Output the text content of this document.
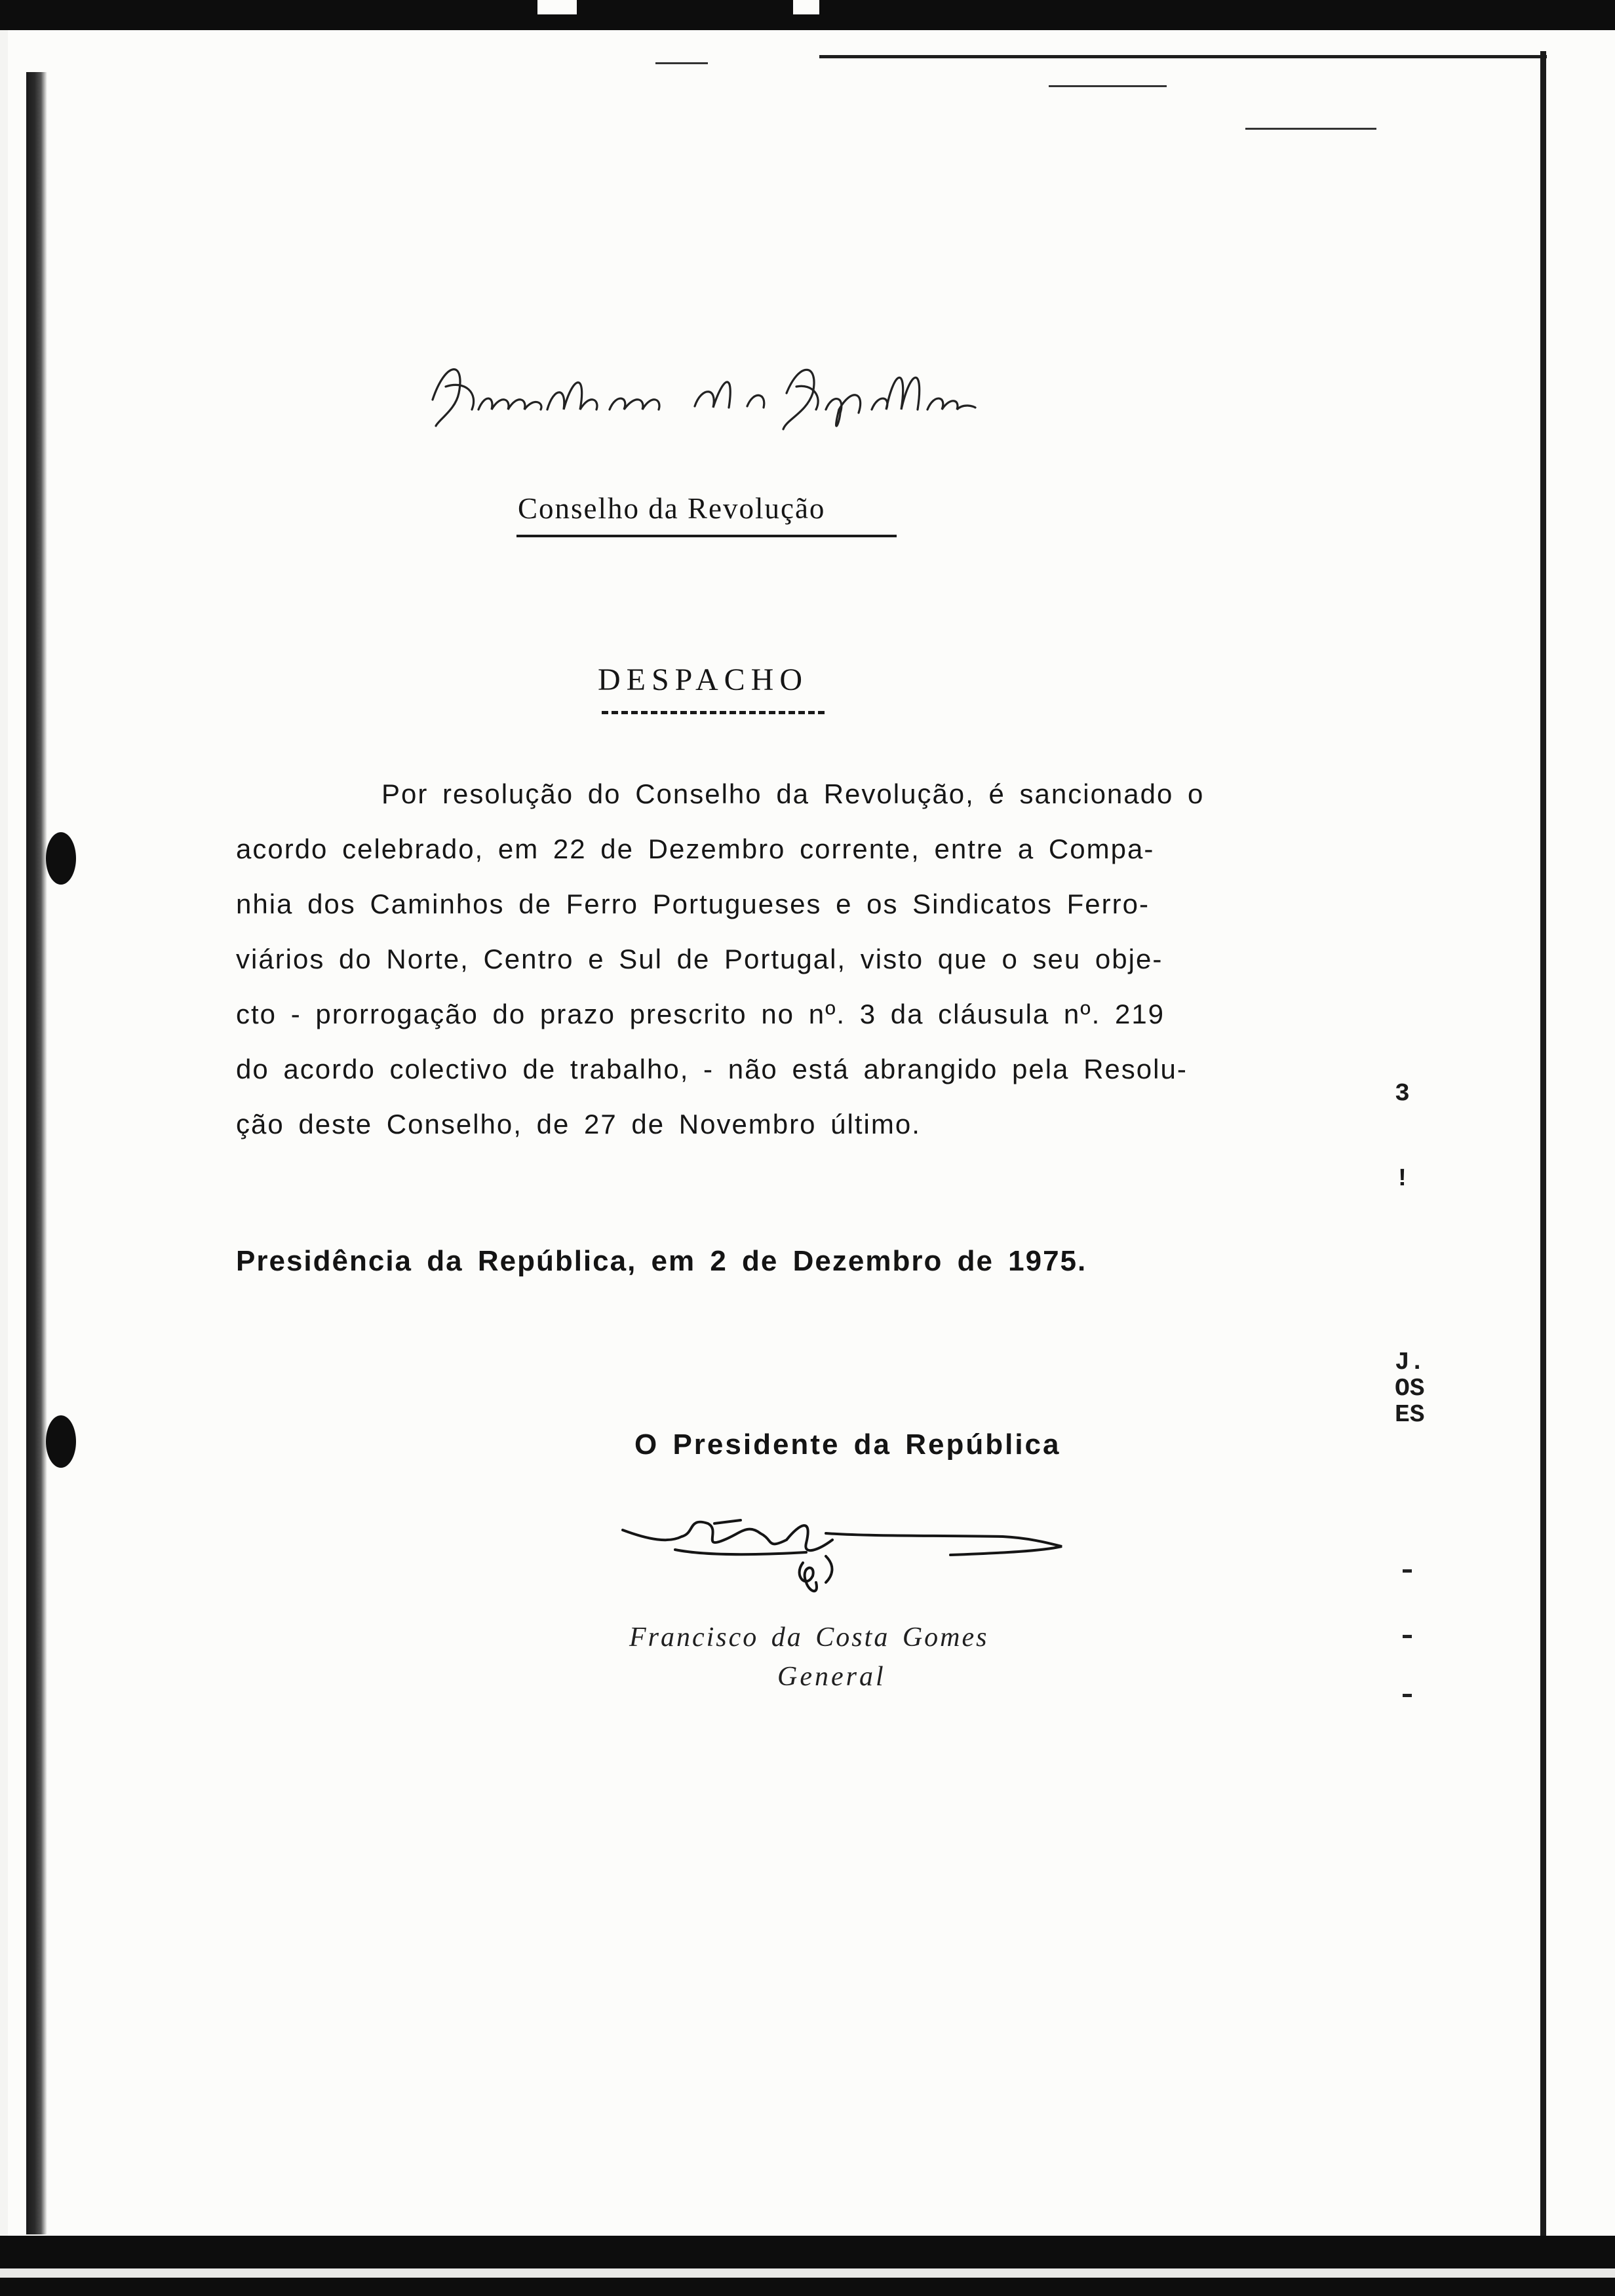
3
!
J.
OS
ES
Conselho da Revolução
DESPACHO
Por resolução do Conselho da Revolução, é sancionado o
acordo celebrado, em 22 de Dezembro corrente, entre a Compa-
nhia dos Caminhos de Ferro Portugueses e os Sindicatos Ferro-
viários do Norte, Centro e Sul de Portugal, visto que o seu obje-
cto - prorrogação do prazo prescrito no nº. 3 da cláusula nº. 219
do acordo colectivo de trabalho, - não está abrangido pela Resolu-
ção deste Conselho, de 27 de Novembro último.
Presidência da República, em 2 de Dezembro de 1975.
O Presidente da República
Francisco da Costa Gomes
General
